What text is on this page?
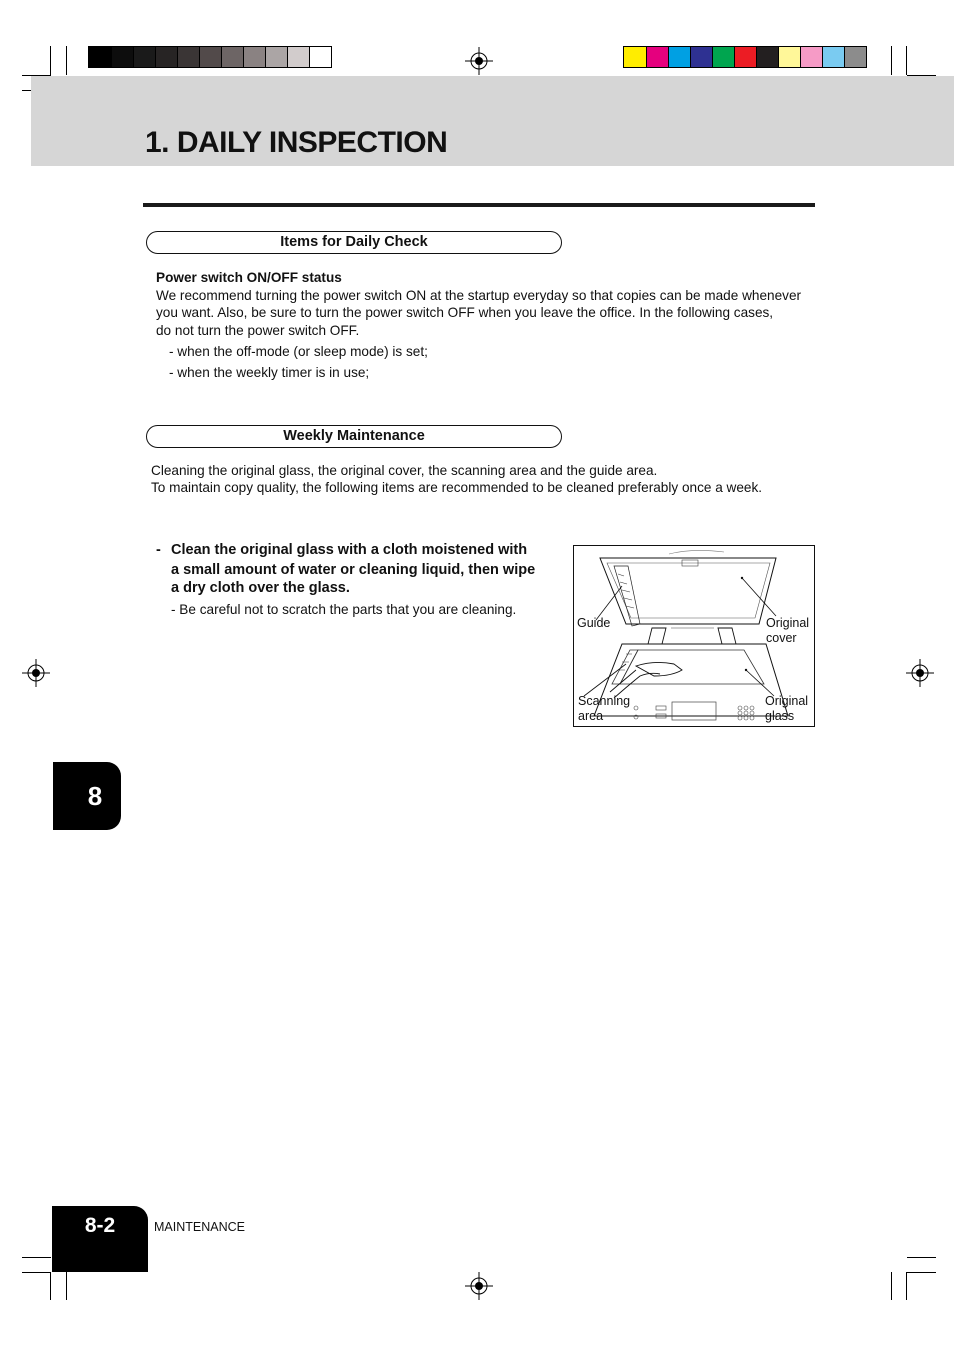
1. DAILY INSPECTION
Items for Daily Check

Power switch ON/OFF status

We recommend turning the power switch ON at the startup everyday so that copies can be made whenever

you want. Also, be sure to turn the power switch OFF when you leave the office. In the following cases,

do not turn the power switch OFF.

- when the off-mode (or sleep mode) is set;

- when the weekly timer is in use;

Weekly Maintenance

Cleaning the original glass, the original cover, the scanning area and the guide area.

To maintain copy quality, the following items are recommended to be cleaned preferably once a week.

- Clean the original glass with a cloth moistened with

a small amount of water or cleaning liquid, then wipe

a dry cloth over the glass.

- Be careful not to scratch the parts that you are cleaning.

Guide	Original
cover
Scanning
area
Original
glass
8
8-2	MAINTENANCE
